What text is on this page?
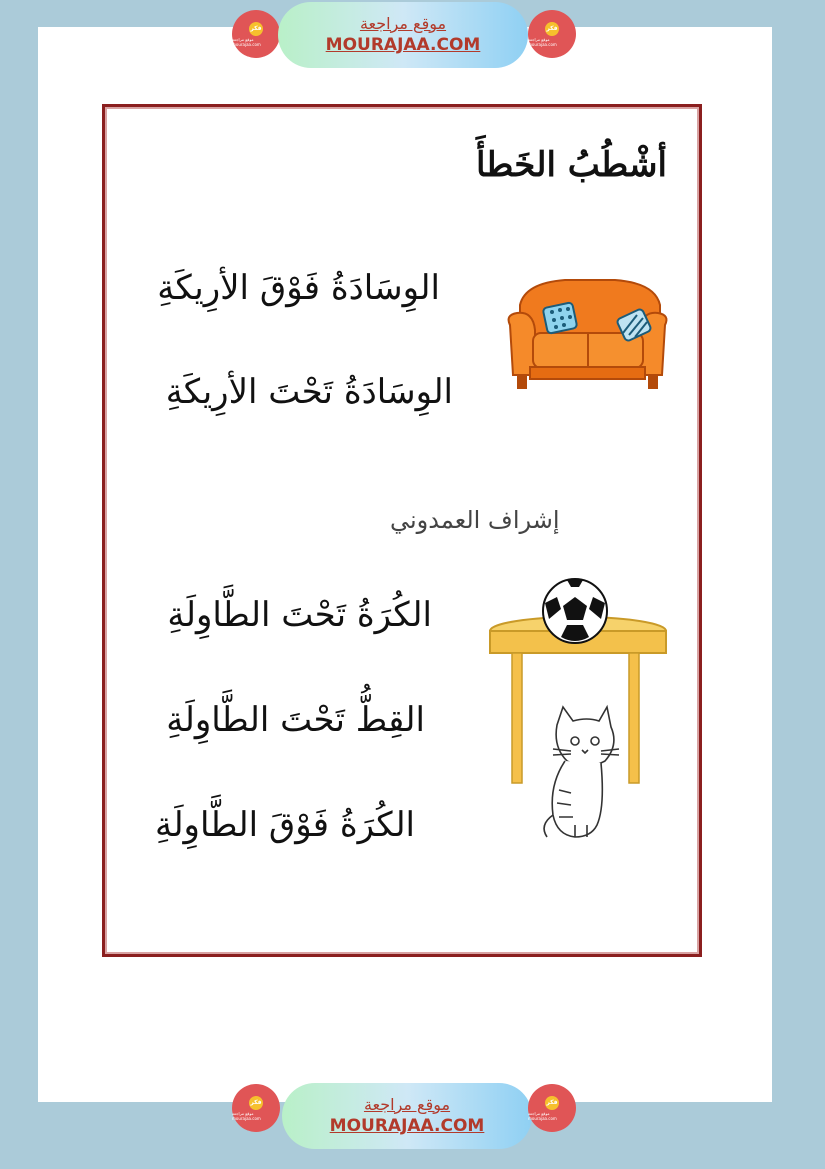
فكر
موقع مراجعة mourajaa.com
موقع مراجعة
MOURAJAA.COM
فكر
موقع مراجعة mourajaa.com
أشْطُبُ الخَطأَ
الوِسَادَةُ فَوْقَ الأرِيكَةِ
الوِسَادَةُ تَحْتَ الأرِيكَةِ
إشراف العمدوني
الكُرَةُ تَحْتَ الطَّاوِلَةِ
القِطُّ تَحْتَ الطَّاوِلَةِ
الكُرَةُ فَوْقَ الطَّاوِلَةِ
فكر
موقع مراجعة mourajaa.com
موقع مراجعة
MOURAJAA.COM
فكر
موقع مراجعة mourajaa.com
